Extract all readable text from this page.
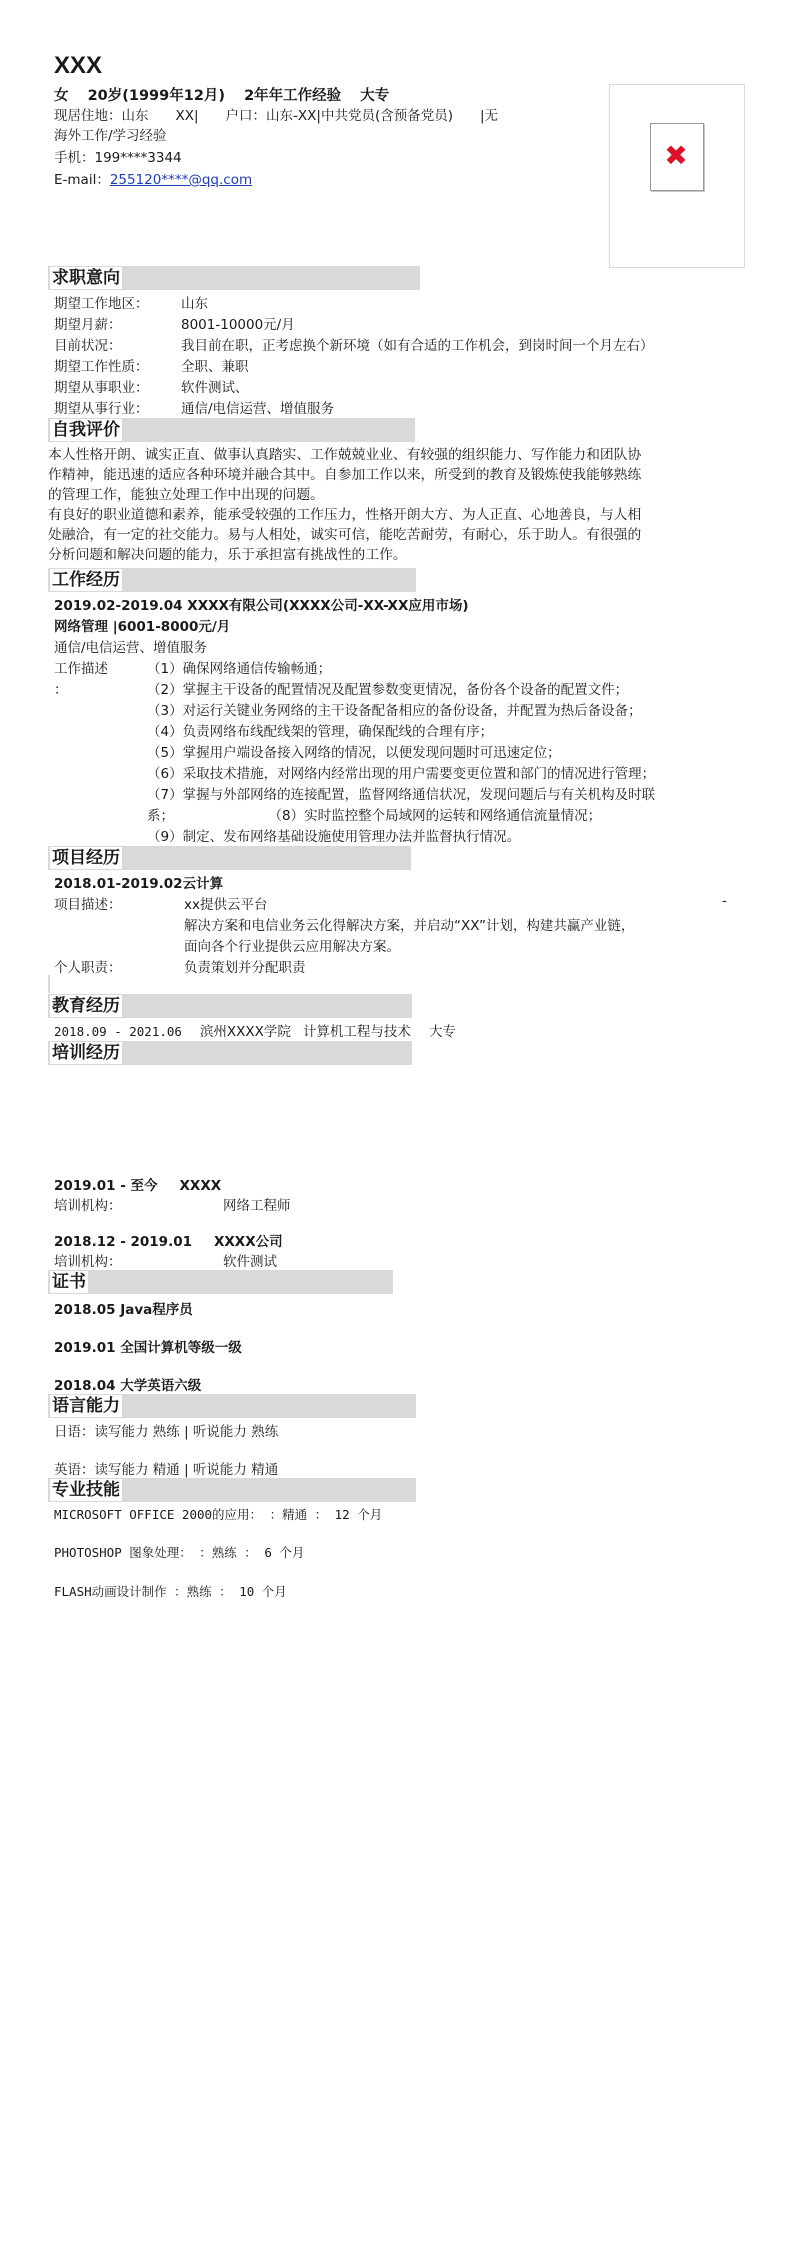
XXX
女 20岁(1999年12月) 2年年工作经验 大专
现居住地：山东　　XX|　　户口：山东-XX|中共党员(含预备党员)　　|无
海外工作/学习经验
手机：199****3344
E-mail：255120****@qq.com
✖
求职意向
期望工作地区： 山东
期望月薪：	8001-10000元/月
目前状况：	我目前在职，正考虑换个新环境（如有合适的工作机会，到岗时间一个月左右）
期望工作性质： 全职、兼职
期望从事职业： 软件测试、
期望从事行业： 通信/电信运营、增值服务
自我评价
本人性格开朗、诚实正直、做事认真踏实、工作兢兢业业、有较强的组织能力、写作能力和团队协
作精神，能迅速的适应各种环境并融合其中。自参加工作以来，所受到的教育及锻炼使我能够熟练
的管理工作，能独立处理工作中出现的问题。
有良好的职业道德和素养，能承受较强的工作压力，性格开朗大方、为人正直、心地善良，与人相
处融洽，有一定的社交能力。易与人相处，诚实可信，能吃苦耐劳，有耐心，乐于助人。有很强的
分析问题和解决问题的能力，乐于承担富有挑战性的工作。
工作经历
2019.02-2019.04 XXXX有限公司(XXXX公司-XX-XX应用市场)
网络管理 |6001-8000元/月
通信/电信运营、增值服务
工作描述
：
（1）确保网络通信传输畅通；
（2）掌握主干设备的配置情况及配置参数变更情况，备份各个设备的配置文件；
（3）对运行关键业务网络的主干设备配备相应的备份设备，并配置为热后备设备；
（4）负责网络布线配线架的管理，确保配线的合理有序；
（5）掌握用户端设备接入网络的情况，以便发现问题时可迅速定位；
（6）采取技术措施，对网络内经常出现的用户需要变更位置和部门的情况进行管理；
（7）掌握与外部网络的连接配置，监督网络通信状况，发现问题后与有关机构及时联
系；　　　　　　　　（8）实时监控整个局域网的运转和网络通信流量情况；
（9）制定、发布网络基础设施使用管理办法并监督执行情况。
项目经历
2018.01-2019.02云计算
项目描述：	xx提供云平台	-
解决方案和电信业务云化得解决方案，并启动“XX”计划，构建共赢产业链，
面向各个行业提供云应用解决方案。
个人职责：	负责策划并分配职责
教育经历
2018.09 - 2021.06 滨州XXXX学院 计算机工程与技术 大专
培训经历
2019.01 - 至今 XXXX
培训机构：	网络工程师
2018.12 - 2019.01 XXXX公司
培训机构：	软件测试
证书
2018.05 Java程序员
2019.01 全国计算机等级一级
2018.04 大学英语六级
语言能力
日语：读写能力 熟练 | 听说能力 熟练
英语：读写能力 精通 | 听说能力 精通
专业技能
MICROSOFT OFFICE 2000的应用： ：精通 ： 12 个月
PHOTOSHOP 图象处理： ：熟练 ： 6 个月
FLASH动画设计制作 ：熟练 ： 10 个月
